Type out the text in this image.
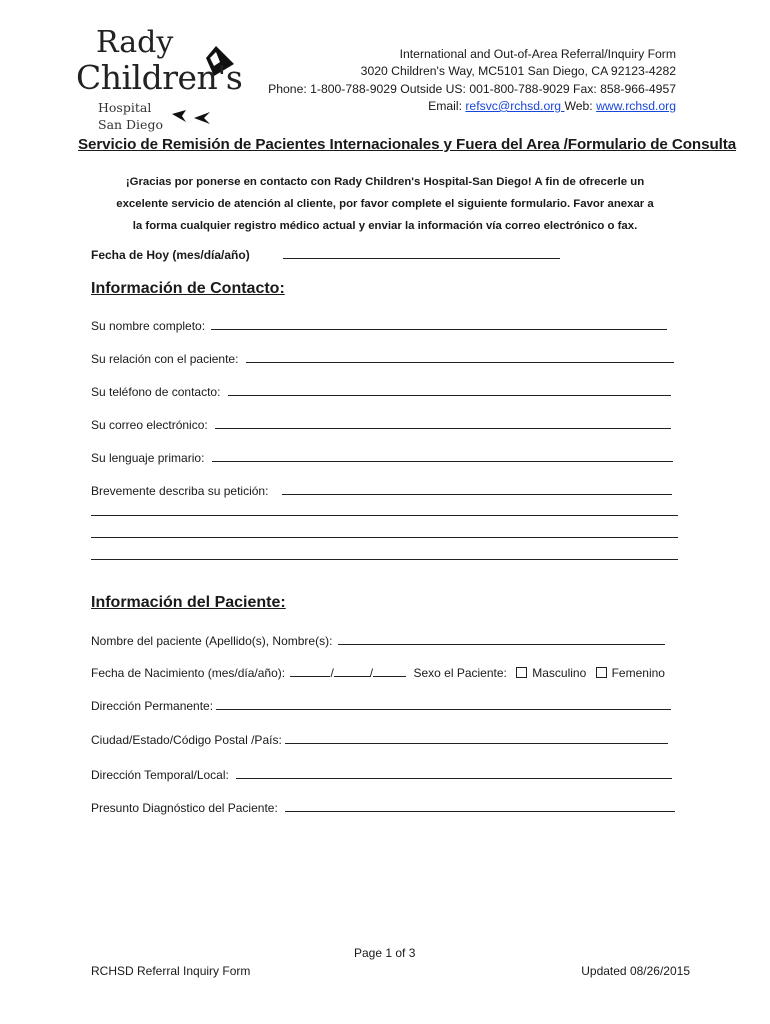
Rady
Children's
Hospital
San Diego
International and Out-of-Area Referral/Inquiry Form
3020 Children's Way, MC5101 San Diego, CA 92123-4282
Phone: 1-800-788-9029 Outside US: 001-800-788-9029 Fax: 858-966-4957
Email: refsvc@rchsd.org Web: www.rchsd.org
Servicio de Remisión de Pacientes Internacionales y Fuera del Area /Formulario de Consulta
¡Gracias por ponerse en contacto con Rady Children's Hospital-San Diego! A fin de ofrecerle un
excelente servicio de atención al cliente, por favor complete el siguiente formulario. Favor anexar a
la forma cualquier registro médico actual y enviar la información vía correo electrónico o fax.
Fecha de Hoy (mes/día/año)
Información de Contacto:
Su nombre completo:
Su relación con el paciente:
Su teléfono de contacto:
Su correo electrónico:
Su lenguaje primario:
Brevemente describa su petición:
Información del Paciente:
Nombre del paciente (Apellido(s), Nombre(s):
Fecha de Nacimiento (mes/día/año):	/	/	Sexo el Paciente: Masculino Femenino
Dirección Permanente:
Ciudad/Estado/Código Postal /País:
Dirección Temporal/Local:
Presunto Diagnóstico del Paciente:
Page 1 of 3
RCHSD Referral Inquiry Form	Updated 08/26/2015
